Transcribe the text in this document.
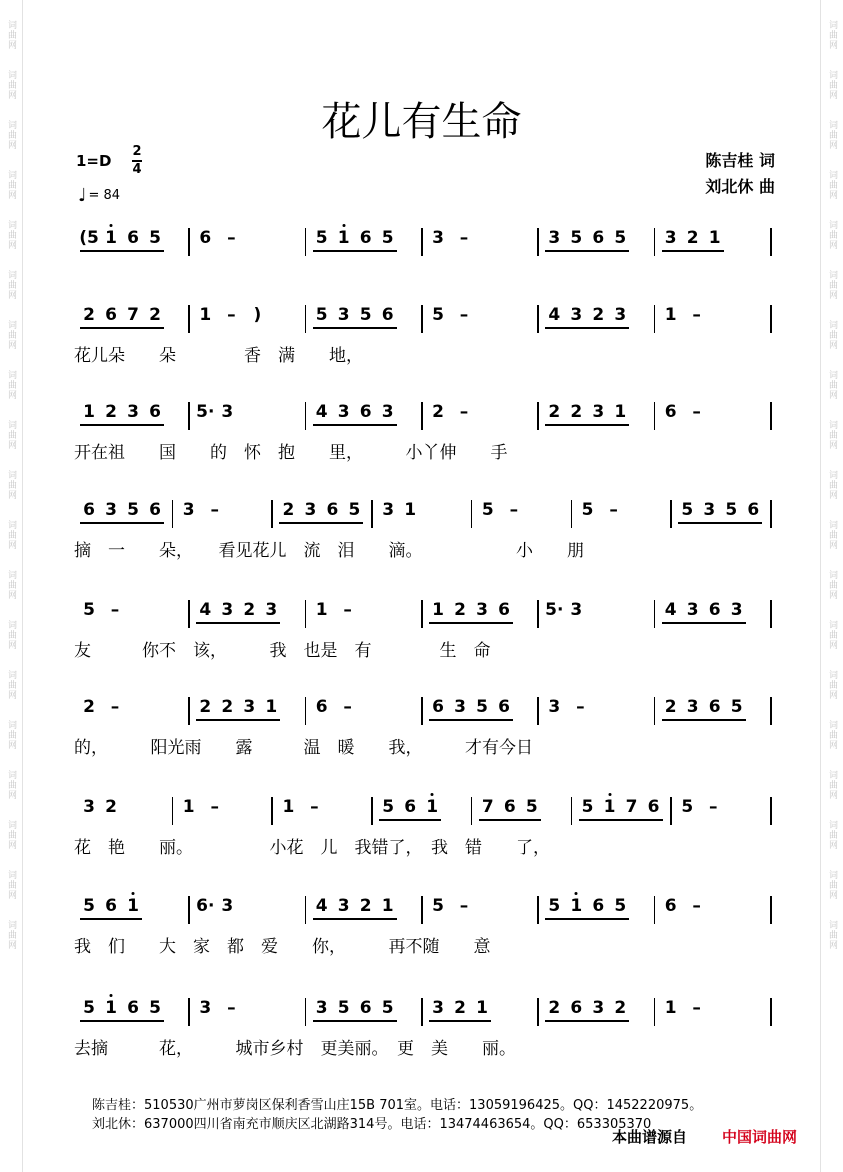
词曲网
词曲网
词曲网
词曲网
词曲网
词曲网
词曲网
词曲网
词曲网
词曲网
词曲网
词曲网
词曲网
词曲网
词曲网
词曲网
词曲网
词曲网
词曲网
词曲网
词曲网
词曲网
词曲网
词曲网
词曲网
词曲网
词曲网
词曲网
词曲网
词曲网
词曲网
词曲网
词曲网
词曲网
词曲网
词曲网
词曲网
词曲网
花儿有生命
1=D
2
4
♩ = 84
陈吉桂 词
刘北休 曲
(5 1 6 5 6 –	5 1 6 5 3 –	3 5 6 5 3 2 1
2 6 7 2 1 –	)	5 3 5 6 5 –	4 3 2 3 1 –
花儿朵　　朵　　　　香　满　　地，
1 2 3 6 5· 3	4 3 6 3 2 –	2 2 3 1 6 –
开在祖　　国　　的　怀　抱　　里，　　　小丫伸　　手
6 3 5 6 3 –	2 3 6 5 3 1	5 –	5 –	5 3 5 6
摘　一　　朵，　　看见花儿　流　泪　　滴。　　　　　　小　　朋
5 –	4 3 2 3 1 –	1 2 3 6 5· 3	4 3 6 3
友　　　你不　该，　　　我　也是　有　　　　生　命
2 –	2 2 3 1 6 –	6 3 5 6 3 –	2 3 6 5
的，　　　阳光雨　　露　　　温　暖　　我，　　　才有今日
3 2	1 –	1 –	5 6 1	7 6 5	5 1 7 6 5 –
花　艳　　丽。　　　　　小花　儿　我错了，　我　错　　了，
5 6 1	6· 3	4 3 2 1 5 –	5 1 6 5 6 –
我　们　　大　家　都　爱　　你，　　　再不随　　意
5 1 6 5 3 –	3 5 6 5 3 2 1	2 6 3 2 1 –
去摘　　　花，　　　城市乡村　更美丽。　更　美　　丽。
陈吉桂：510530广州市萝岗区保利香雪山庄15B 701室。电话：13059196425。QQ：1452220975。
刘北休：637000四川省南充市顺庆区北湖路314号。电话：13474463654。QQ：653305370
本曲谱源自 中国词曲网
